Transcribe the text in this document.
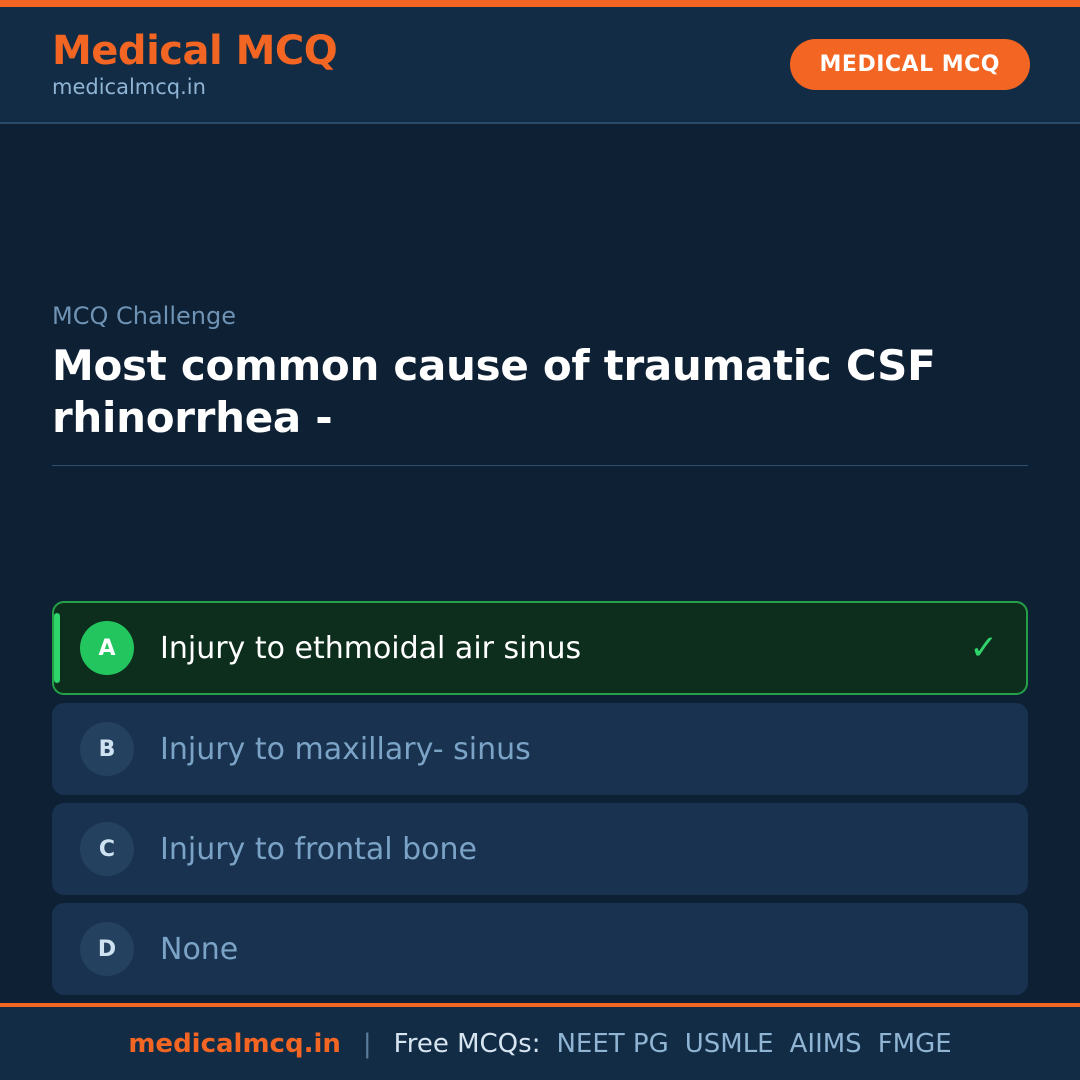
Medical MCQ
medicalmcq.in
MEDICAL MCQ
MCQ Challenge
Most common cause of traumatic CSF rhinorrhea -
A	Injury to ethmoidal air sinus	✓
B	Injury to maxillary- sinus
C	Injury to frontal bone
D	None
medicalmcq.in | Free MCQs: NEET PG USMLE AIIMS FMGE
